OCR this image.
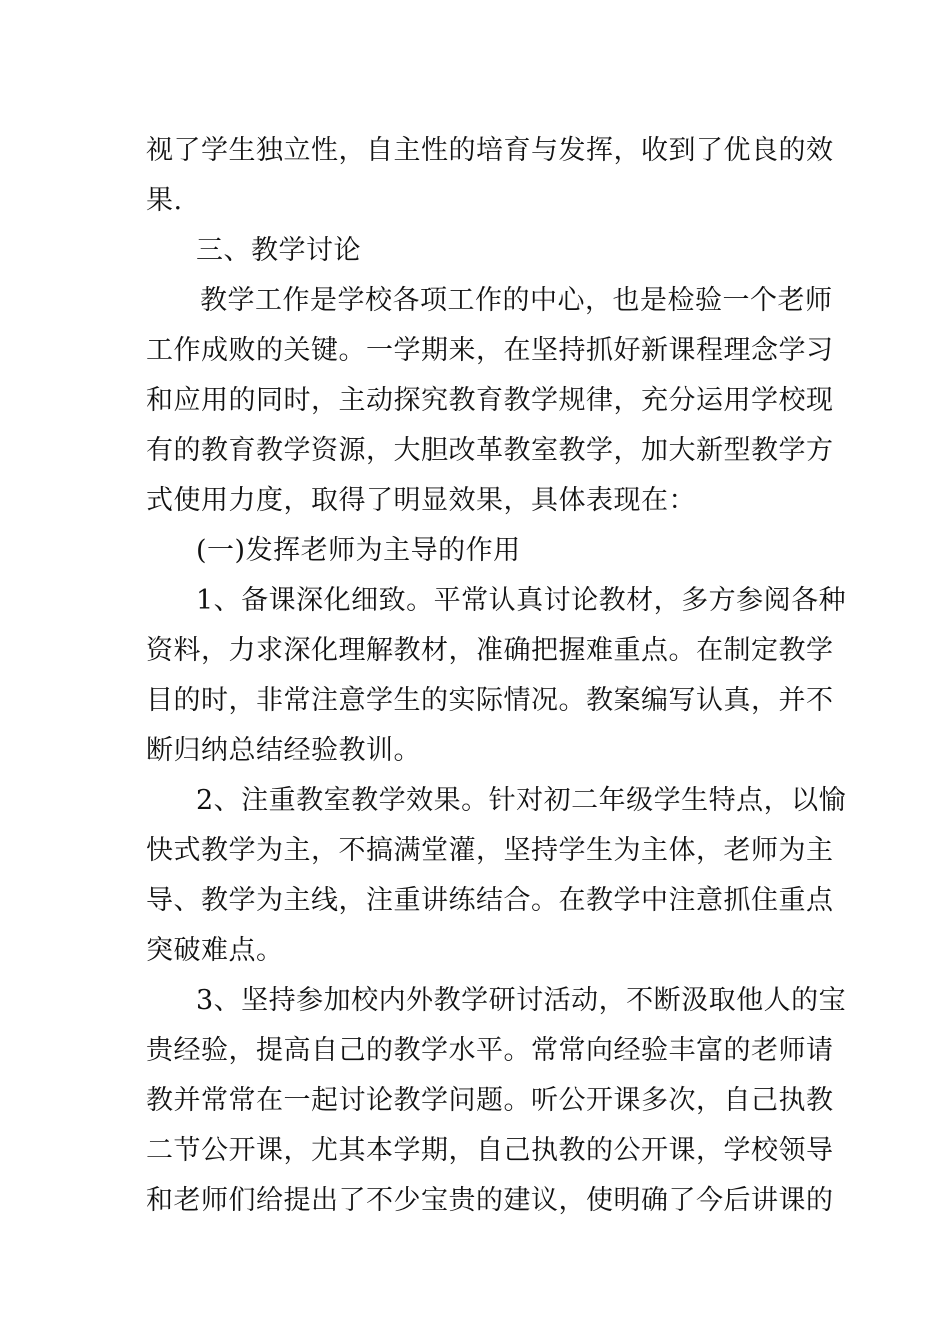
视了学生独立性，自主性的培育与发挥，收到了优良的效
果.
三、教学讨论
教学工作是学校各项工作的中心，也是检验一个老师
工作成败的关键。一学期来，在坚持抓好新课程理念学习
和应用的同时，主动探究教育教学规律，充分运用学校现
有的教育教学资源，大胆改革教室教学，加大新型教学方
式使用力度，取得了明显效果，具体表现在：
(一)发挥老师为主导的作用
1、备课深化细致。平常认真讨论教材，多方参阅各种
资料，力求深化理解教材，准确把握难重点。在制定教学
目的时，非常注意学生的实际情况。教案编写认真，并不
断归纳总结经验教训。
2、注重教室教学效果。针对初二年级学生特点，以愉
快式教学为主，不搞满堂灌，坚持学生为主体，老师为主
导、教学为主线，注重讲练结合。在教学中注意抓住重点
突破难点。
3、坚持参加校内外教学研讨活动，不断汲取他人的宝
贵经验，提高自己的教学水平。常常向经验丰富的老师请
教并常常在一起讨论教学问题。听公开课多次，自己执教
二节公开课，尤其本学期，自己执教的公开课，学校领导
和老师们给提出了不少宝贵的建议，使明确了今后讲课的
